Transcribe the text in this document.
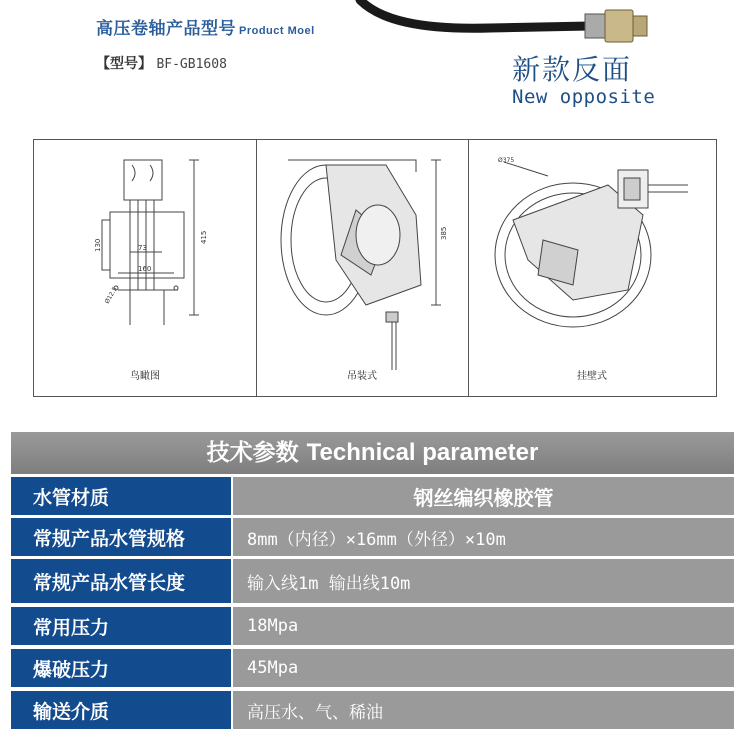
高压卷轴产品型号 Product Moel
【型号】 BF-GB1608	新款反面
New opposite
130	73
160
415
Ø12.5
鸟瞰图
385
吊装式
Ø375
挂壁式
技术参数 Technical parameter
水管材质	钢丝编织橡胶管
常规产品水管规格	8mm（内径）×16mm（外径）×10m
常规产品水管长度	输入线1m 输出线10m
常用压力	18Mpa
爆破压力	45Mpa
输送介质	高压水、气、稀油
